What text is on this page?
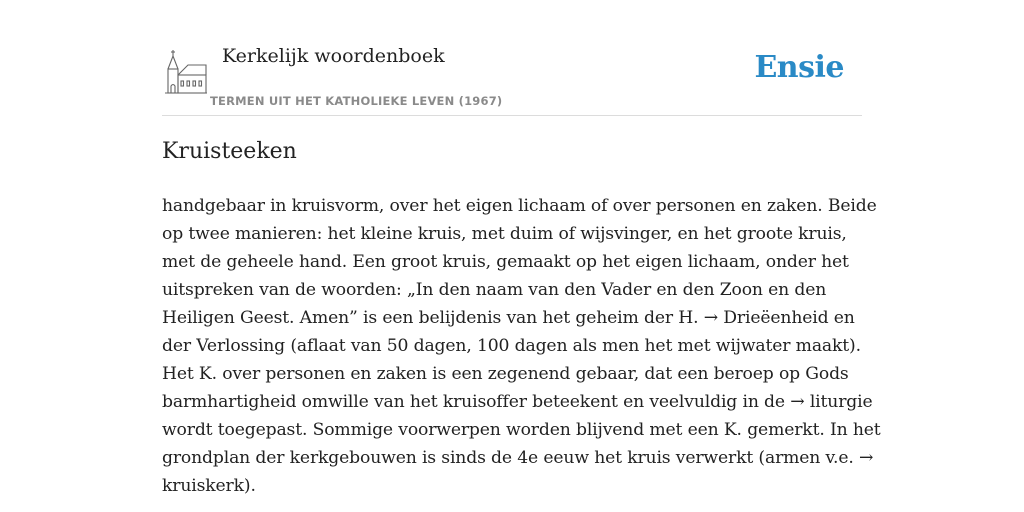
Kerkelijk woordenboek
TERMEN UIT HET KATHOLIEKE LEVEN (1967)
Ensie
Kruisteeken
handgebaar in kruisvorm, over het eigen lichaam of over personen en zaken. Beide
op twee manieren: het kleine kruis, met duim of wijsvinger, en het groote kruis,
met de geheele hand. Een groot kruis, gemaakt op het eigen lichaam, onder het
uitspreken van de woorden: „In den naam van den Vader en den Zoon en den
Heiligen Geest. Amen” is een belijdenis van het geheim der H. → Drieëenheid en
der Verlossing (aflaat van 50 dagen, 100 dagen als men het met wijwater maakt).
Het K. over personen en zaken is een zegenend gebaar, dat een beroep op Gods
barmhartigheid omwille van het kruisoffer beteekent en veelvuldig in de → liturgie
wordt toegepast. Sommige voorwerpen worden blijvend met een K. gemerkt. In het
grondplan der kerkgebouwen is sinds de 4e eeuw het kruis verwerkt (armen v.e. →
kruiskerk).
